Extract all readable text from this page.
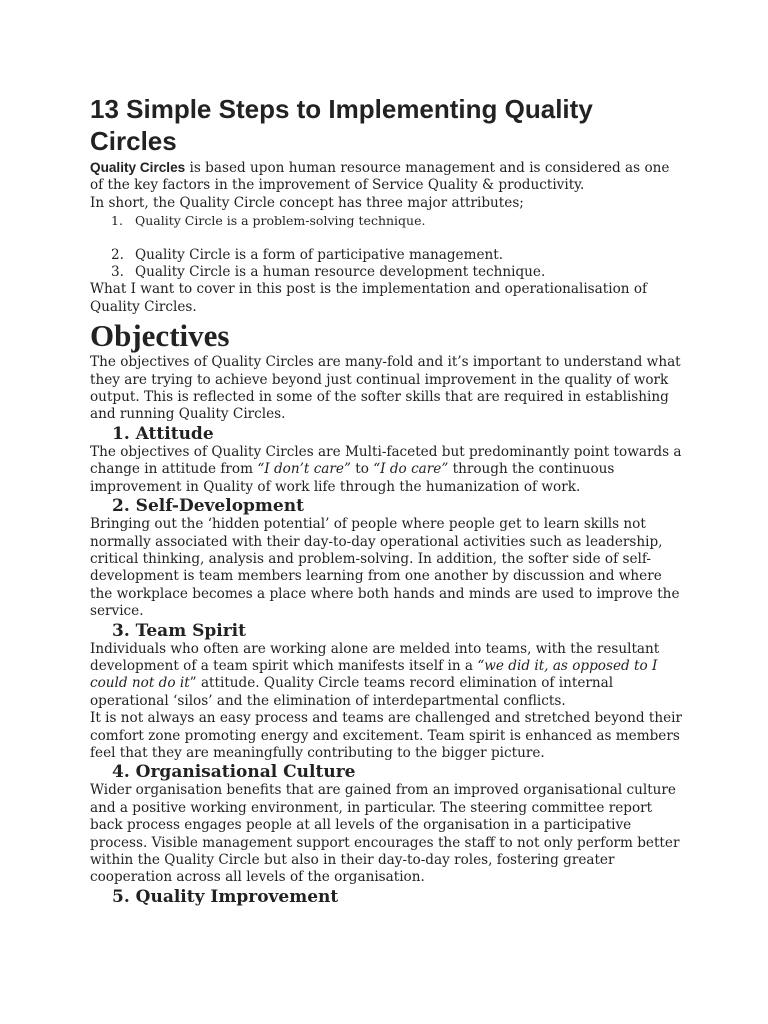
13 Simple Steps to Implementing Quality Circles

Quality Circles is based upon human resource management and is considered as one of the key factors in the improvement of Service Quality & productivity.

In short, the Quality Circle concept has three major attributes;

1. Quality Circle is a problem-solving technique.
2. Quality Circle is a form of participative management.
3. Quality Circle is a human resource development technique.

What I want to cover in this post is the implementation and operationalisation of Quality Circles.

Objectives

The objectives of Quality Circles are many-fold and it’s important to understand what they are trying to achieve beyond just continual improvement in the quality of work output. This is reflected in some of the softer skills that are required in establishing and running Quality Circles.

1. Attitude

The objectives of Quality Circles are Multi-faceted but predominantly point towards a change in attitude from “I don’t care” to “I do care” through the continuous improvement in Quality of work life through the humanization of work.

2. Self-Development

Bringing out the ‘hidden potential’ of people where people get to learn skills not normally associated with their day-to-day operational activities such as leadership, critical thinking, analysis and problem-solving. In addition, the softer side of self-development is team members learning from one another by discussion and where the workplace becomes a place where both hands and minds are used to improve the service.

3. Team Spirit

Individuals who often are working alone are melded into teams, with the resultant development of a team spirit which manifests itself in a “we did it, as opposed to I could not do it” attitude. Quality Circle teams record elimination of internal operational ‘silos’ and the elimination of interdepartmental conflicts.

It is not always an easy process and teams are challenged and stretched beyond their comfort zone promoting energy and excitement. Team spirit is enhanced as members feel that they are meaningfully contributing to the bigger picture.

4. Organisational Culture

Wider organisation benefits that are gained from an improved organisational culture and a positive working environment, in particular. The steering committee report back process engages people at all levels of the organisation in a participative process. Visible management support encourages the staff to not only perform better within the Quality Circle but also in their day-to-day roles, fostering greater cooperation across all levels of the organisation.

5. Quality Improvement
